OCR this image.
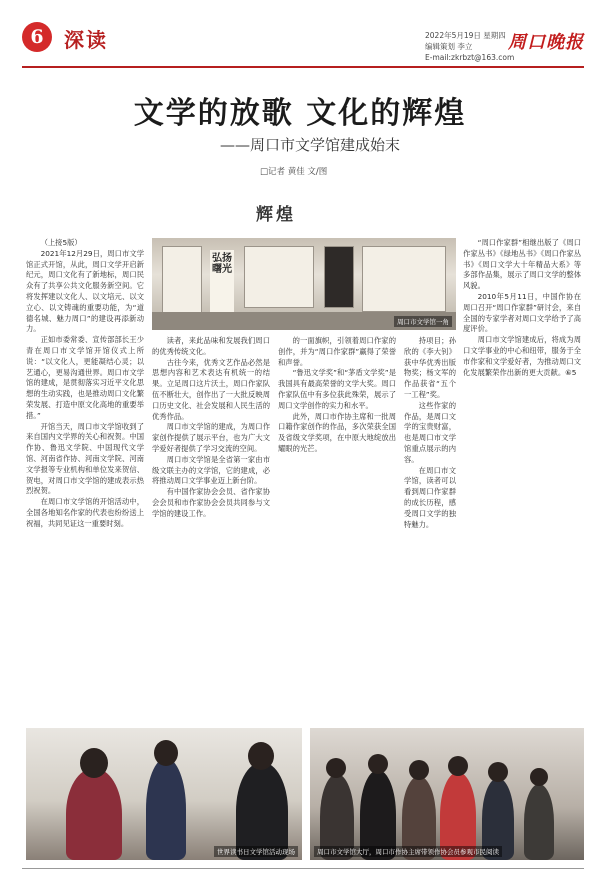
6	深读	2022年5月19日 星期四
编辑策划 李立
E-mail:zkrbzt@163.com
周口晚报
文学的放歌 文化的辉煌
——周口市文学馆建成始末
□记者 黄佳 文/图
辉煌

（上接5版）

2021年12月29日，周口市文学馆正式开馆，从此，周口文学开启新纪元，周口文化有了新地标，周口民众有了共享公共文化服务新空间。它将发挥建以文化人、以文培元、以文立心、以文铸魂的重要功能，为“道德名城、魅力周口”的建设再添新动力。

正如市委常委、宣传部部长王少青在周口市文学馆开馆仪式上所说：“以文化人，更能凝结心灵；以艺通心，更易沟通世界。周口市文学馆的建成，是贯彻落实习近平文化思想的生动实践，也是推动周口文化繁荣发展、打造中原文化高地的重要举措。”

开馆当天，周口市文学馆收到了来自国内文学界的关心和祝贺。中国作协、鲁迅文学院、中国现代文学馆、河南省作协、河南文学院、河南文学报等专业机构和单位发来贺信、贺电，对周口市文学馆的建成表示热烈祝贺。

在周口市文学馆的开馆活动中，全国各地知名作家的代表也纷纷送上祝福，共同见证这一重要时刻。

弘扬曙光
周口市文学馆一角

读者，来此品味和发展我们周口的优秀传统文化。

古往今来，优秀文艺作品必然是思想内容和艺术表达有机统一的结果。立足周口这片沃土，周口作家队伍不断壮大，创作出了一大批反映周口历史文化、社会发展和人民生活的优秀作品。

周口市文学馆的建成，为周口作家创作提供了展示平台，也为广大文学爱好者提供了学习交流的空间。

周口市文学馆是全省第一家由市级文联主办的文学馆，它的建成，必将推动周口文学事业迈上新台阶。

有中国作家协会会员、省作家协会会员和市作家协会会员共同参与文学馆的建设工作。

的一面旗帜，引领着周口作家的创作，并为“周口作家群”赢得了荣誉和声誉。

“鲁迅文学奖”和“茅盾文学奖”是我国具有最高荣誉的文学大奖。周口作家队伍中有多位获此殊荣，展示了周口文学创作的实力和水平。

此外，周口市作协主席和一批周口籍作家创作的作品，多次荣获全国及省级文学奖项，在中原大地绽放出耀眼的光芒。

持项目；孙欣的《李大钊》获中华优秀出版物奖；杨文军的作品获省“五个一工程”奖。

这些作家的作品，是周口文学的宝贵财富，也是周口市文学馆重点展示的内容。

在周口市文学馆，读者可以看到周口作家群的成长历程，感受周口文学的独特魅力。

“周口作家群”相继出版了《周口作家丛书》《绿地丛书》《周口作家丛书》《周口文学大十年精品大系》等多部作品集，展示了周口文学的整体风貌。

2010年5月11日，中国作协在周口召开“周口作家群”研讨会，来自全国的专家学者对周口文学给予了高度评价。

周口市文学馆建成后，将成为周口文学事业的中心和纽带，服务于全市作家和文学爱好者，为推动周口文化发展繁荣作出新的更大贡献。⑥5

世界读书日文学馆活动现场	周口市文学馆大厅，周口市作协主席带领作协会员参观市民阅读
